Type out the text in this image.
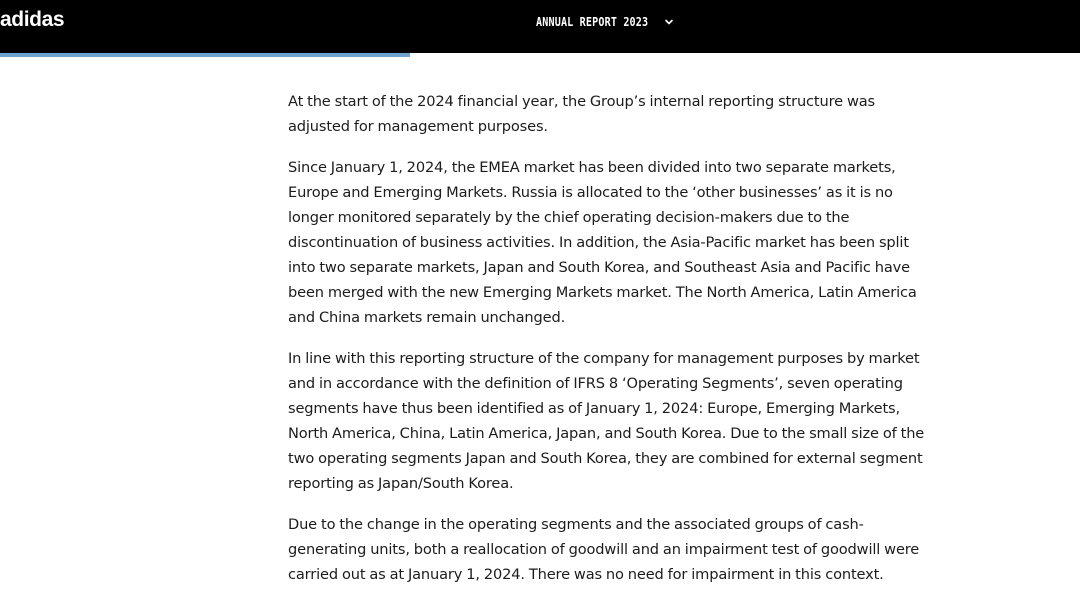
adidas	ANNUAL REPORT 2023

At the start of the 2024 financial year, the Group’s internal reporting structure was adjusted for management purposes.

Since January 1, 2024, the EMEA market has been divided into two separate markets, Europe and Emerging Markets. Russia is allocated to the ‘other businesses’ as it is no longer monitored separately by the chief operating decision-makers due to the discontinuation of business activities. In addition, the Asia-Pacific market has been split into two separate markets, Japan and South Korea, and Southeast Asia and Pacific have been merged with the new Emerging Markets market. The North America, Latin America and China markets remain unchanged.

In line with this reporting structure of the company for management purposes by market and in accordance with the definition of IFRS 8 ‘Operating Segments’, seven operating segments have thus been identified as of January 1, 2024: Europe, Emerging Markets, North America, China, Latin America, Japan, and South Korea. Due to the small size of the two operating segments Japan and South Korea, they are combined for external segment reporting as Japan/South Korea.

Due to the change in the operating segments and the associated groups of cash-generating units, both a reallocation of goodwill and an impairment test of goodwill were carried out as at January 1, 2024. There was no need for impairment in this context.
